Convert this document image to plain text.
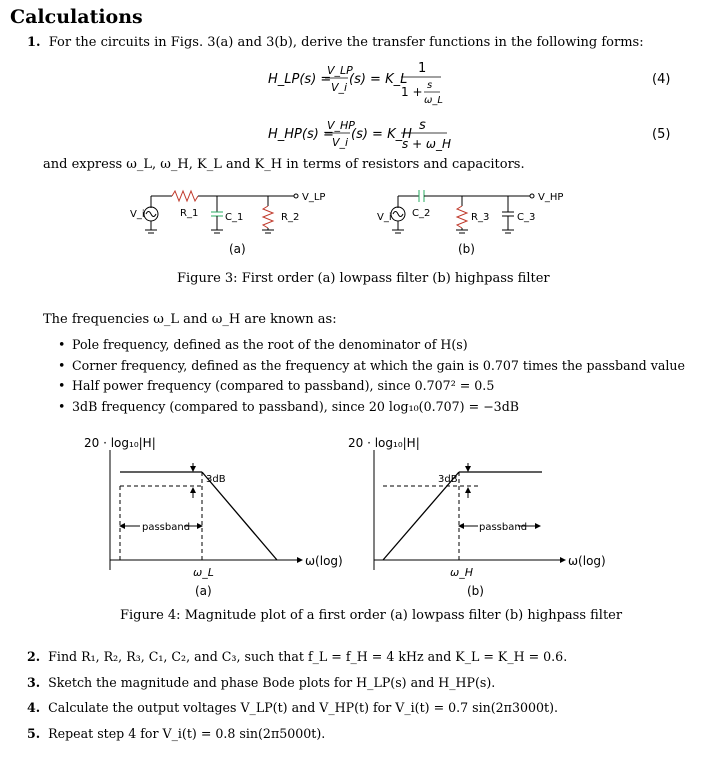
Calculations
1. For the circuits in Figs. 3(a) and 3(b), derive the transfer functions in the following forms:
H_LP(s) =
V_LP
V_i
(s) = K_L
1
1 + s
ω_L
(4)
H_HP(s) =
V_HP
V_i
(s) = K_H
s
s + ω_H
(5)
and express ω_L, ω_H, K_L and K_H in terms of resistors and capacitors.
V_i	R_1	C_1	R_2
V_LP
V_i C_2	R_3	C_3
V_HP
(a)	(b)
Figure 3: First order (a) lowpass filter (b) highpass filter
The frequencies ω_L and ω_H are known as:
• Pole frequency, defined as the root of the denominator of H(s)
• Corner frequency, defined as the frequency at which the gain is 0.707 times the passband value
• Half power frequency (compared to passband), since 0.707² = 0.5
• 3dB frequency (compared to passband), since 20 log₁₀(0.707) = −3dB
3dB
passband
3dB
passband
20 · log₁₀|H|	20 · log₁₀|H|
ω(log)	ω(log)
ω_L	ω_H
(a)	(b)
Figure 4: Magnitude plot of a first order (a) lowpass filter (b) highpass filter
2. Find R₁, R₂, R₃, C₁, C₂, and C₃, such that f_L = f_H = 4 kHz and K_L = K_H = 0.6.
3. Sketch the magnitude and phase Bode plots for H_LP(s) and H_HP(s).
4. Calculate the output voltages V_LP(t) and V_HP(t) for V_i(t) = 0.7 sin(2π3000t).
5. Repeat step 4 for V_i(t) = 0.8 sin(2π5000t).
